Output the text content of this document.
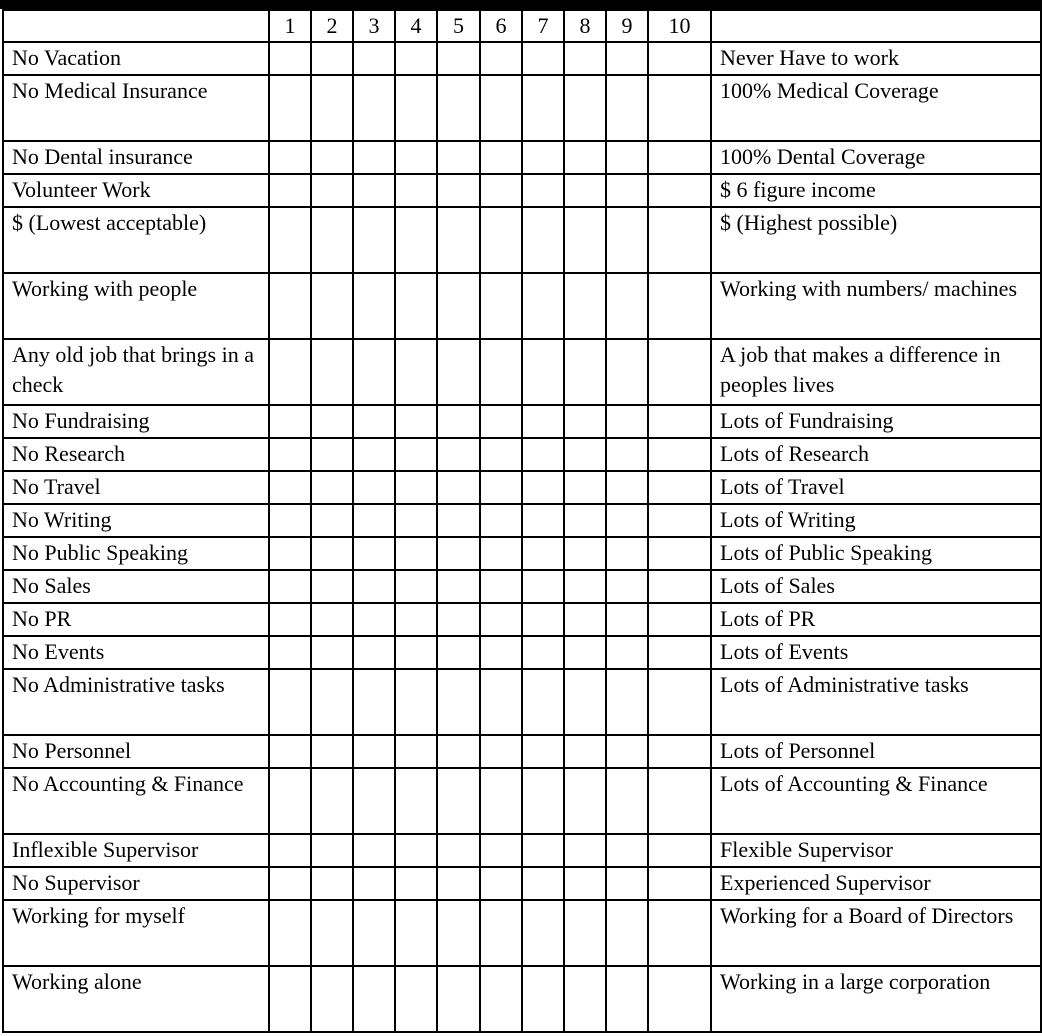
	1	2	3	4	5	6	7	8	9	10	
No Vacation											Never Have to work
No Medical Insurance											100% Medical Coverage
No Dental insurance											100% Dental Coverage
Volunteer Work											$ 6 figure income
$ (Lowest acceptable)											$ (Highest possible)
Working with people											Working with numbers/ machines
Any old job that brings in a check											A job that makes a difference in peoples lives
No Fundraising											Lots of Fundraising
No Research											Lots of Research
No Travel											Lots of Travel
No Writing											Lots of Writing
No Public Speaking											Lots of Public Speaking
No Sales											Lots of Sales
No PR											Lots of PR
No Events											Lots of Events
No Administrative tasks											Lots of Administrative tasks
No Personnel											Lots of Personnel
No Accounting & Finance											Lots of Accounting & Finance
Inflexible Supervisor											Flexible Supervisor
No Supervisor											Experienced Supervisor
Working for myself											Working for a Board of Directors
Working alone											Working in a large corporation
